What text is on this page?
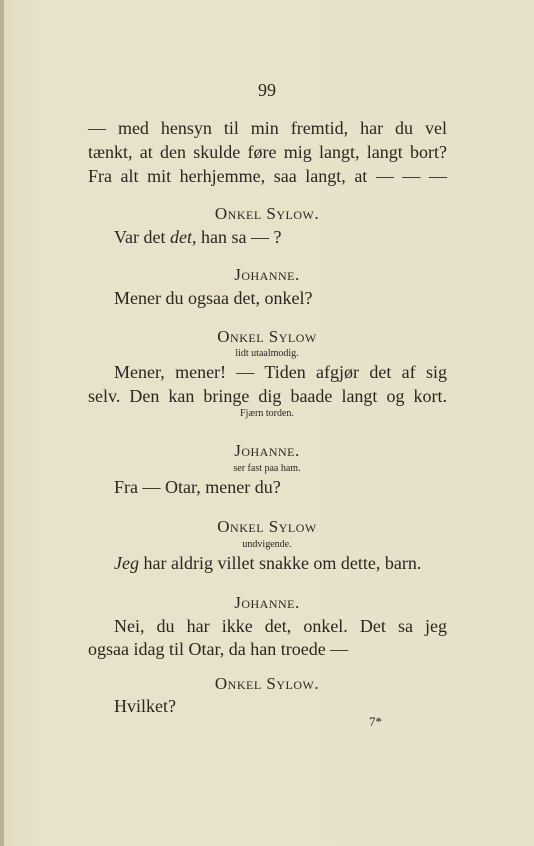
99
— med hensyn til min fremtid, har du vel
tænkt, at den skulde føre mig langt, langt bort?
Fra alt mit herhjemme, saa langt, at — — —
Onkel Sylow.
Var det det, han sa — ?
Johanne.
Mener du ogsaa det, onkel?
Onkel Sylow
lidt utaalmodig.
Mener, mener! — Tiden afgjør det af sig
selv. Den kan bringe dig baade langt og kort.
Fjærn torden.
Johanne.
ser fast paa ham.
Fra — Otar, mener du?
Onkel Sylow
undvigende.
Jeg har aldrig villet snakke om dette, barn.
Johanne.
Nei, du har ikke det, onkel. Det sa jeg
ogsaa idag til Otar, da han troede —
Onkel Sylow.
Hvilket?
7*
